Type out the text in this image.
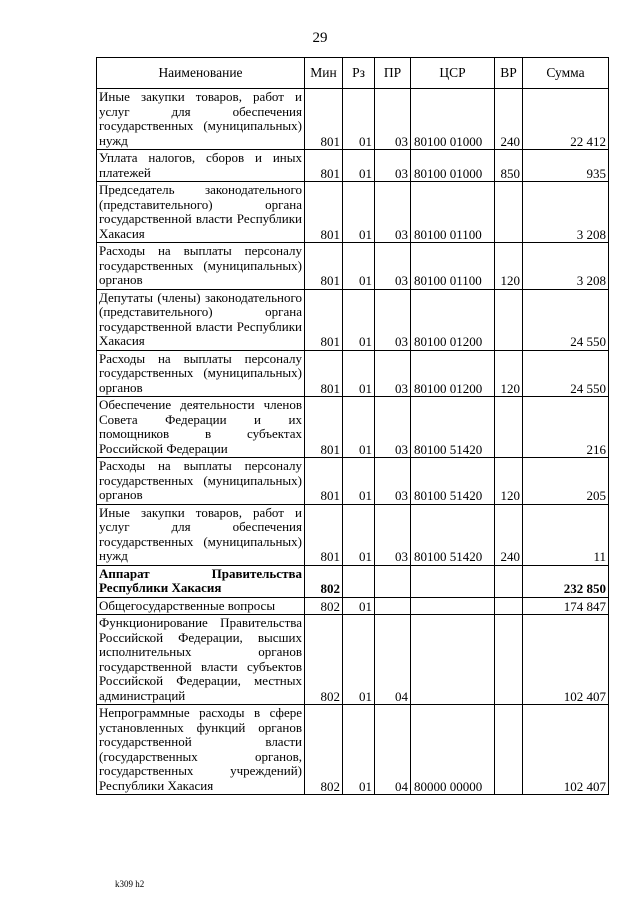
29
Наименование	Мин	Рз	ПР	ЦСР	ВР	Сумма
Иные закупки товаров, работ и услуг для обеспечения государственных (муниципальных) нужд	801	01	03	80100 01000	240	22 412
Уплата налогов, сборов и иных платежей	801	01	03	80100 01000	850	935
Председатель законодательного (представительного) органа государственной власти Республики Хакасия	801	01	03	80100 01100		3 208
Расходы на выплаты персоналу государственных (муниципальных) органов	801	01	03	80100 01100	120	3 208
Депутаты (члены) законодательного (представительного) органа государственной власти Республики Хакасия	801	01	03	80100 01200		24 550
Расходы на выплаты персоналу государственных (муниципальных) органов	801	01	03	80100 01200	120	24 550
Обеспечение деятельности членов Совета Федерации и их помощников в субъектах Российской Федерации	801	01	03	80100 51420		216
Расходы на выплаты персоналу государственных (муниципальных) органов	801	01	03	80100 51420	120	205
Иные закупки товаров, работ и услуг для обеспечения государственных (муниципальных) нужд	801	01	03	80100 51420	240	11
Аппарат Правительства Республики Хакасия	802					232 850
Общегосударственные вопросы	802	01				174 847
Функционирование Правительства Российской Федерации, высших исполнительных органов государственной власти субъектов Российской Федерации, местных администраций	802	01	04			102 407
Непрограммные расходы в сфере установленных функций органов государственной власти (государственных органов, государственных учреждений) Республики Хакасия	802	01	04	80000 00000		102 407
k309 h2
